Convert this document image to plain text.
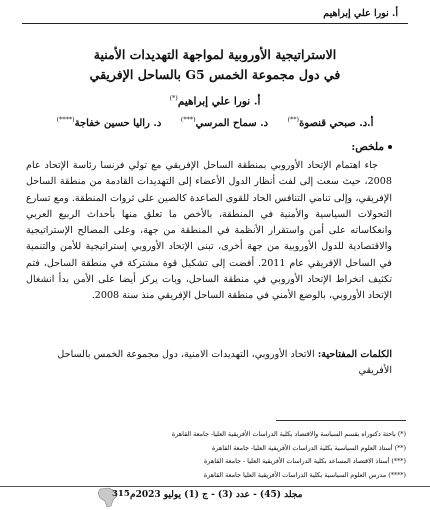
أ. نورا علي إبراهيم
الاستراتيجية الأوروبية لمواجهة التهديدات الأمنية
في دول مجموعة الخمس G5 بالساحل الإفريقي
أ. نورا علي إبراهيم(*)
أ.د. صبحي قنصوة(**) د. سماح المرسي(***) د. راليا حسين خفاجة(****)
ملخص:

جاء اهتمام الإتحاد الأوروبي بمنطقة الساحل الإفريقي مع تولي فرنسا رئاسة الإتحاد عام 2008، حيث سعت إلى لفت أنظار الدول الأعضاء إلى التهديدات القادمة من منطقة الساحل الإفريقي، وإلى تنامي التنافس الحاد للقوى الصاعدة كالصين على ثروات المنطقة. ومع تسارع التحولات السياسية والأمنية في المنطقة، بالأخص ما تعلق منها بأحداث الربيع العربي وانعكاساته على أمن واستقرار الأنظمة في المنطقة من جهة، وعلى المصالح الإستراتيجية والاقتصادية للدول الأوروبية من جهة أخرى، تبنى الإتحاد الأوروبي إستراتيجية للأمن والتنمية في الساحل الإفريقي عام 2011. أفضت إلى تشكيل قوة مشتركة في منطقة الساحل، فتم تكثيف انخراط الإتحاد الأوروبي في منطقة الساحل، وبات يركز أيضا على الأمن بدأ انشغال الإتحاد الأوروبي، بالوضع الأمني في منطقة الساحل الإفريقي منذ سنة 2008.

الكلمات المفتاحية: الاتحاد الأوروبي، التهديدات الامنية، دول مجموعة الخمس بالساحل الأفريقي
(*) باحثة دكتوراه بقسم السياسة والاقتصاد بكلية الدراسات الأفريقية العليا- جامعة القاهرة
(**) أستاذ العلوم السياسية بكلية الدراسات الأفريقية العليا- جامعة القاهرة
(***) أستاذ الاقتصاد المساعد بكلية الدراسات الأفريقية العليا - جامعة القاهرة
(****) مدرس العلوم السياسية بكلية الدراسات الأفريقية العليا جامعة القاهرة
315 مجلد (45) - عدد (3) - ج (1) يوليو 2023م
